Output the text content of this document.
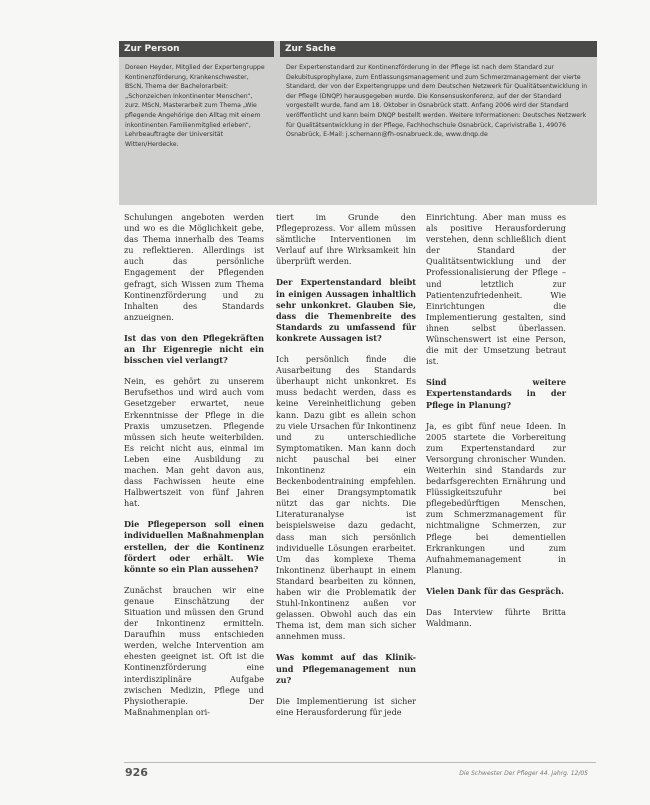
Zur Person
Doreen Heyder, Mitglied der Expertengruppe Kontinenzförderung, Krankenschwester, BScN, Thema der Bachelorarbeit: „Schonzeichen Inkontinenter Menschen“, zurz. MScN, Masterarbeit zum Thema „Wie pflegende Angehörige den Alltag mit einem inkontinenten Familienmitglied erleben“, Lehrbeauftragte der Universität Witten/Herdecke.
Zur Sache
Der Expertenstandard zur Kontinenzförderung in der Pflege ist nach dem Standard zur Dekubitusprophylaxe, zum Entlassungsmanagement und zum Schmerzmanagement der vierte Standard, der von der Expertengruppe und dem Deutschen Netzwerk für Qualitätsentwicklung in der Pflege (DNQP) herausgegeben wurde. Die Konsensuskonferenz, auf der der Standard vorgestellt wurde, fand am 18. Oktober in Osnabrück statt. Anfang 2006 wird der Standard veröffentlicht und kann beim DNQP bestellt werden. Weitere Informationen: Deutsches Netzwerk für Qualitätsentwicklung in der Pflege, Fachhochschule Osnabrück, Caprivistraße 1, 49076 Osnabrück, E-Mail: j.schemann@fh-osnabrueck.de, www.dnqp.de

Schulungen angeboten werden und wo es die Möglichkeit gebe, das Thema innerhalb des Teams zu reflektieren. Allerdings ist auch das persönliche Engagement der Pflegenden gefragt, sich Wissen zum Thema Kontinenzförderung und zu Inhalten des Standards anzueignen.

Ist das von den Pflegekräften an Ihr Eigenregie nicht ein bisschen viel verlangt?

Nein, es gehört zu unserem Berufsethos und wird auch vom Gesetzgeber erwartet, neue Erkenntnisse der Pflege in die Praxis umzusetzen. Pflegende müssen sich heute weiterbilden. Es reicht nicht aus, einmal im Leben eine Ausbildung zu machen. Man geht davon aus, dass Fachwissen heute eine Halbwertszeit von fünf Jahren hat.

Die Pflegeperson soll einen individuellen Maßnahmenplan erstellen, der die Kontinenz fördert oder erhält. Wie könnte so ein Plan aussehen?

Zunächst brauchen wir eine genaue Einschätzung der Situation und müssen den Grund der Inkontinenz ermitteln. Daraufhin muss entschieden werden, welche Intervention am ehesten geeignet ist. Oft ist die Kontinenzförderung eine interdisziplinäre Aufgabe zwischen Medizin, Pflege und Physiotherapie. Der Maßnahmenplan ori-

tiert im Grunde den Pflegeprozess. Vor allem müssen sämtliche Interventionen im Verlauf auf ihre Wirksamkeit hin überprüft werden.

Der Expertenstandard bleibt in einigen Aussagen inhaltlich sehr unkonkret. Glauben Sie, dass die Themenbreite des Standards zu umfassend für konkrete Aussagen ist?

Ich persönlich finde die Ausarbeitung des Standards überhaupt nicht unkonkret. Es muss bedacht werden, dass es keine Vereinheitlichung geben kann. Dazu gibt es allein schon zu viele Ursachen für Inkontinenz und zu unterschiedliche Symptomatiken. Man kann doch nicht pauschal bei einer Inkontinenz ein Beckenbodentraining empfehlen. Bei einer Drangsymptomatik nützt das gar nichts. Die Literaturanalyse ist beispielsweise dazu gedacht, dass man sich persönlich individuelle Lösungen erarbeitet. Um das komplexe Thema Inkontinenz überhaupt in einem Standard bearbeiten zu können, haben wir die Problematik der Stuhl-Inkontinenz außen vor gelassen. Obwohl auch das ein Thema ist, dem man sich sicher annehmen muss.

Was kommt auf das Klinik- und Pflegemanagement nun zu?

Die Implementierung ist sicher eine Herausforderung für jede

Einrichtung. Aber man muss es als positive Herausforderung verstehen, denn schließlich dient der Standard der Qualitätsentwicklung und der Professionalisierung der Pflege – und letztlich zur Patientenzufriedenheit. Wie Einrichtungen die Implementierung gestalten, sind ihnen selbst überlassen. Wünschenswert ist eine Person, die mit der Umsetzung betraut ist.

Sind weitere Expertenstandards in der Pflege in Planung?

Ja, es gibt fünf neue Ideen. In 2005 startete die Vorbereitung zum Expertenstandard zur Versorgung chronischer Wunden. Weiterhin sind Standards zur bedarfsgerechten Ernährung und Flüssigkeitszufuhr bei pflegebedürftigen Menschen, zum Schmerzmanagement für nichtmaligne Schmerzen, zur Pflege bei dementiellen Erkrankungen und zum Aufnahmemanagement in Planung.

Vielen Dank für das Gespräch.

Das Interview führte Britta Waldmann.

926	Die Schwester Der Pfleger 44. Jahrg. 12/05
